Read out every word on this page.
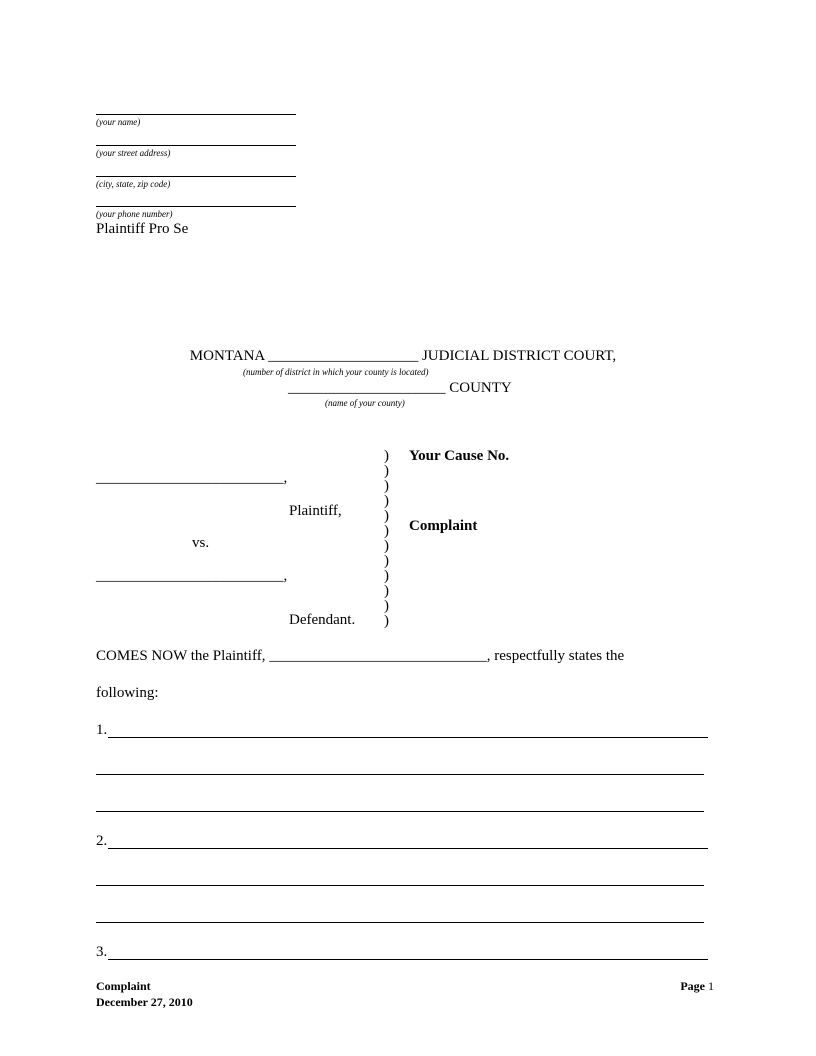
(your name)
(your street address)
(city, state, zip code)
(your phone number)
Plaintiff Pro Se
MONTANA ____________________ JUDICIAL DISTRICT COURT,
(number of district in which your county is located)
_____________________ COUNTY
(name of your county)
_________________________,
Plaintiff,
vs.
_________________________,
Defendant.
)
)
)
)
)
)
)
)
)
)
)
)
Your Cause No.
Complaint
COMES NOW the Plaintiff, _____________________________, respectfully states the
following:
1.
2.
3.
Complaint
December 27, 2010
Page 1
